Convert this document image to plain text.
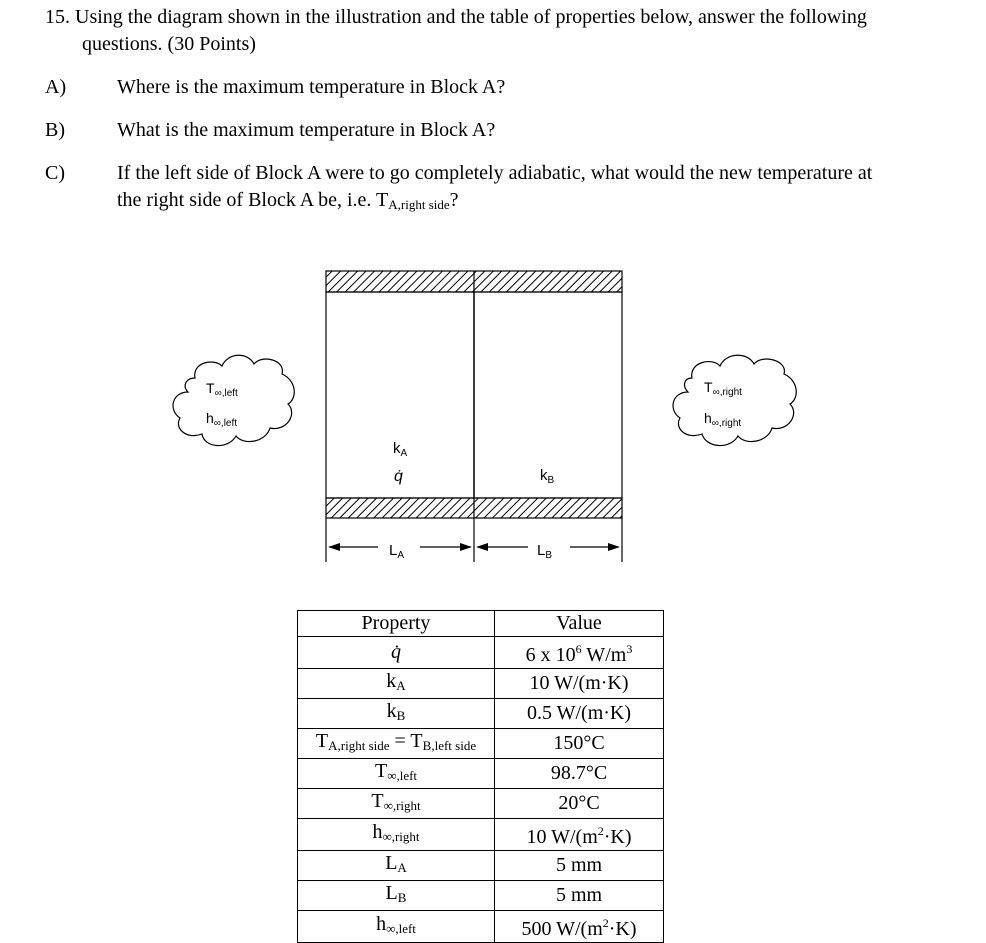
15. Using the diagram shown in the illustration and the table of properties below, answer the following
questions. (30 Points)
A)	Where is the maximum temperature in Block A?
B)	What is the maximum temperature in Block A?
C)	If the left side of Block A were to go completely adiabatic, what would the new temperature at
the right side of Block A be, i.e. TA,right side?
$L_A$	$L_B$
$k_A$
q̇	$k_B$
$T_{\infty,left}$
$h_{\infty,left}$
$T_{\infty,right}$
$h_{\infty,right}$
Property	Value
q̇	6 x $10^6$ $W/m^3$
kA	10 W/(m·K)
kB	0.5 W/(m·K)
TA,right side = TB,left side	150°C
T∞,left	98.7°C
T∞,right	20°C
h∞,right	10 $W/(m^2\cdot K)$
LA	5 mm
LB	5 mm
h∞,left	500 $W/(m^2\cdot K)$
